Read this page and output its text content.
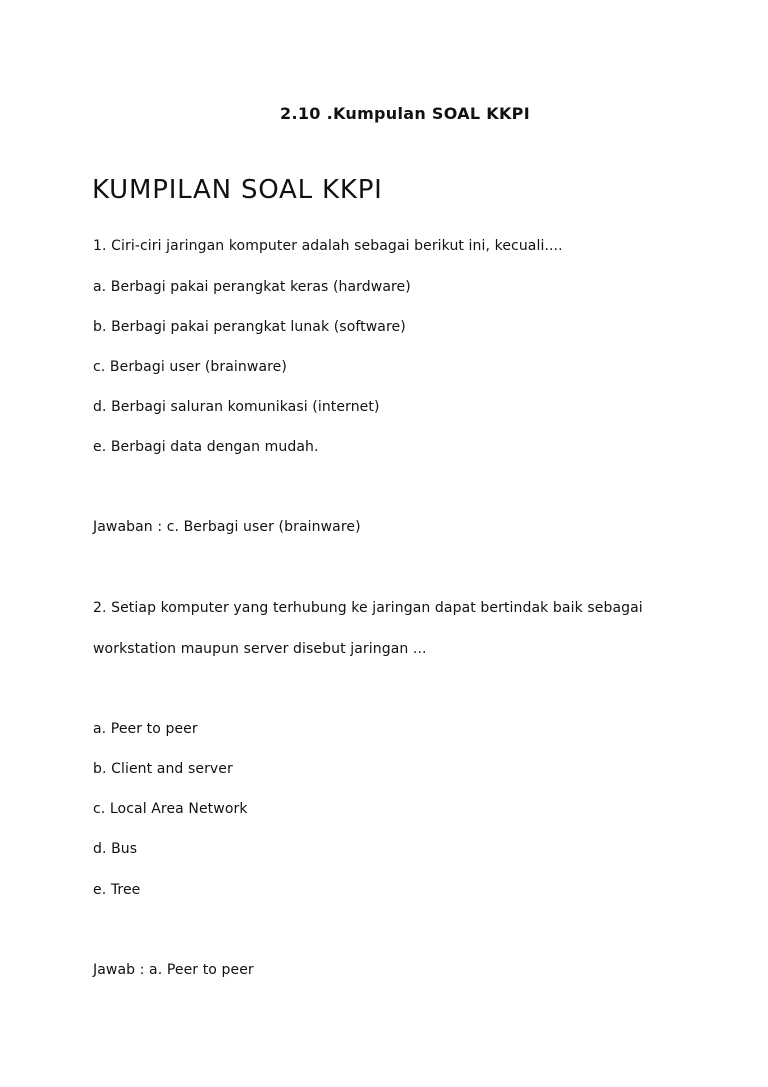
2.10 .Kumpulan SOAL KKPI
KUMPILAN SOAL KKPI

1. Ciri-ciri jaringan komputer adalah sebagai berikut ini, kecuali....

a. Berbagi pakai perangkat keras (hardware)

b. Berbagi pakai perangkat lunak (software)

c. Berbagi user (brainware)

d. Berbagi saluran komunikasi (internet)

e. Berbagi data dengan mudah.

Jawaban : c. Berbagi user (brainware)

2. Setiap komputer yang terhubung ke jaringan dapat bertindak baik sebagai

workstation maupun server disebut jaringan ...

a. Peer to peer

b. Client and server

c. Local Area Network

d. Bus

e. Tree

Jawab : a. Peer to peer
